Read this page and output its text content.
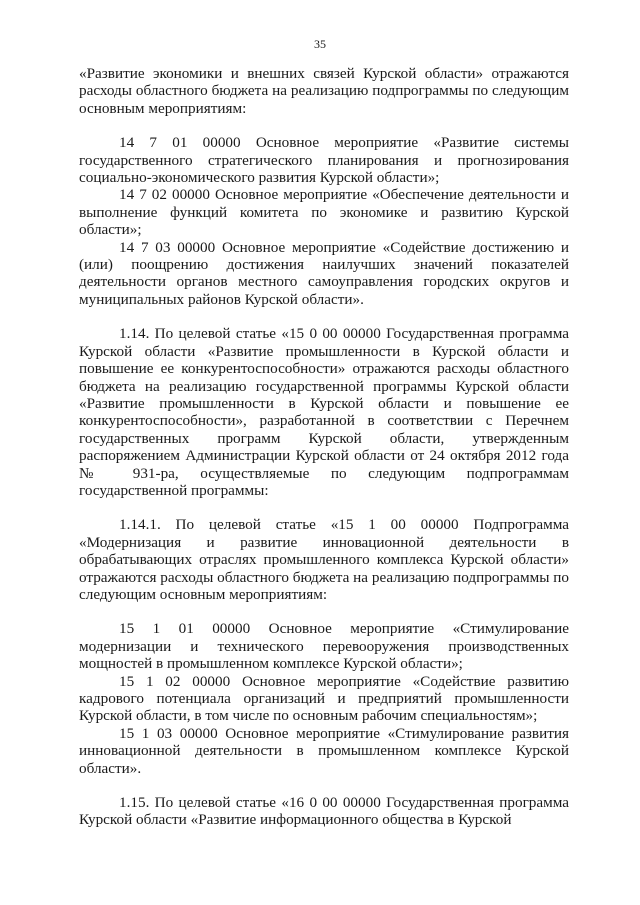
35

«Развитие экономики и внешних связей Курской области» отражаются расходы областного бюджета на реализацию подпрограммы по следующим основным мероприятиям:

14 7 01 00000 Основное мероприятие «Развитие системы государственного стратегического планирования и прогнозирования социально-экономического развития Курской области»;

14 7 02 00000 Основное мероприятие «Обеспечение деятельности и выполнение функций комитета по экономике и развитию Курской области»;

14 7 03 00000 Основное мероприятие «Содействие достижению и (или) поощрению достижения наилучших значений показателей деятельности органов местного самоуправления городских округов и муниципальных районов Курской области».

1.14. По целевой статье «15 0 00 00000 Государственная программа Курской области «Развитие промышленности в Курской области и повышение ее конкурентоспособности» отражаются расходы областного бюджета на реализацию государственной программы Курской области «Развитие промышленности в Курской области и повышение ее конкурентоспособности», разработанной в соответствии с Перечнем государственных программ Курской области, утвержденным распоряжением Администрации Курской области от 24 октября 2012 года № 931-ра, осуществляемые по следующим подпрограммам государственной программы:

1.14.1. По целевой статье «15 1 00 00000 Подпрограмма «Модернизация и развитие инновационной деятельности в обрабатывающих отраслях промышленного комплекса Курской области» отражаются расходы областного бюджета на реализацию подпрограммы по следующим основным мероприятиям:

15 1 01 00000 Основное мероприятие «Стимулирование модернизации и технического перевооружения производственных мощностей в промышленном комплексе Курской области»;

15 1 02 00000 Основное мероприятие «Содействие развитию кадрового потенциала организаций и предприятий промышленности Курской области, в том числе по основным рабочим специальностям»;

15 1 03 00000 Основное мероприятие «Стимулирование развития инновационной деятельности в промышленном комплексе Курской области».

1.15. По целевой статье «16 0 00 00000 Государственная программа Курской области «Развитие информационного общества в Курской
